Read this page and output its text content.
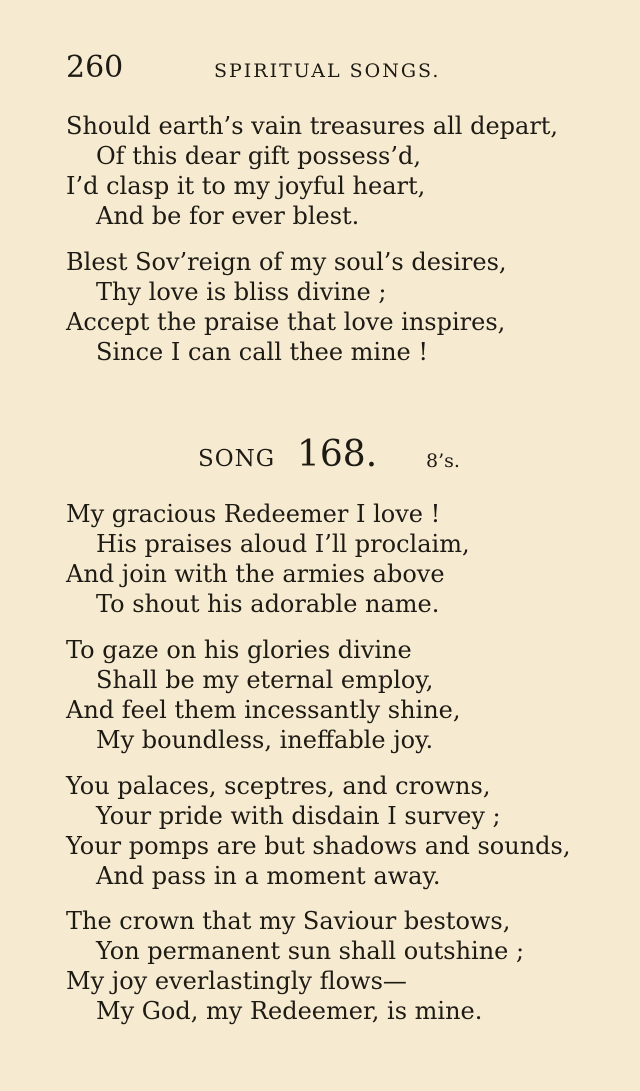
260	SPIRITUAL SONGS.
Should earth’s vain treasures all depart,
Of this dear gift possess’d,
I’d clasp it to my joyful heart,
And be for ever blest.
Blest Sov’reign of my soul’s desires,
Thy love is bliss divine ;
Accept the praise that love inspires,
Since I can call thee mine !
SONG 168.	8’s.
My gracious Redeemer I love !
His praises aloud I’ll proclaim,
And join with the armies above
To shout his adorable name.
To gaze on his glories divine
Shall be my eternal employ,
And feel them incessantly shine,
My boundless, ineffable joy.
You palaces, sceptres, and crowns,
Your pride with disdain I survey ;
Your pomps are but shadows and sounds,
And pass in a moment away.
The crown that my Saviour bestows,
Yon permanent sun shall outshine ;
My joy everlastingly flows—
My God, my Redeemer, is mine.
